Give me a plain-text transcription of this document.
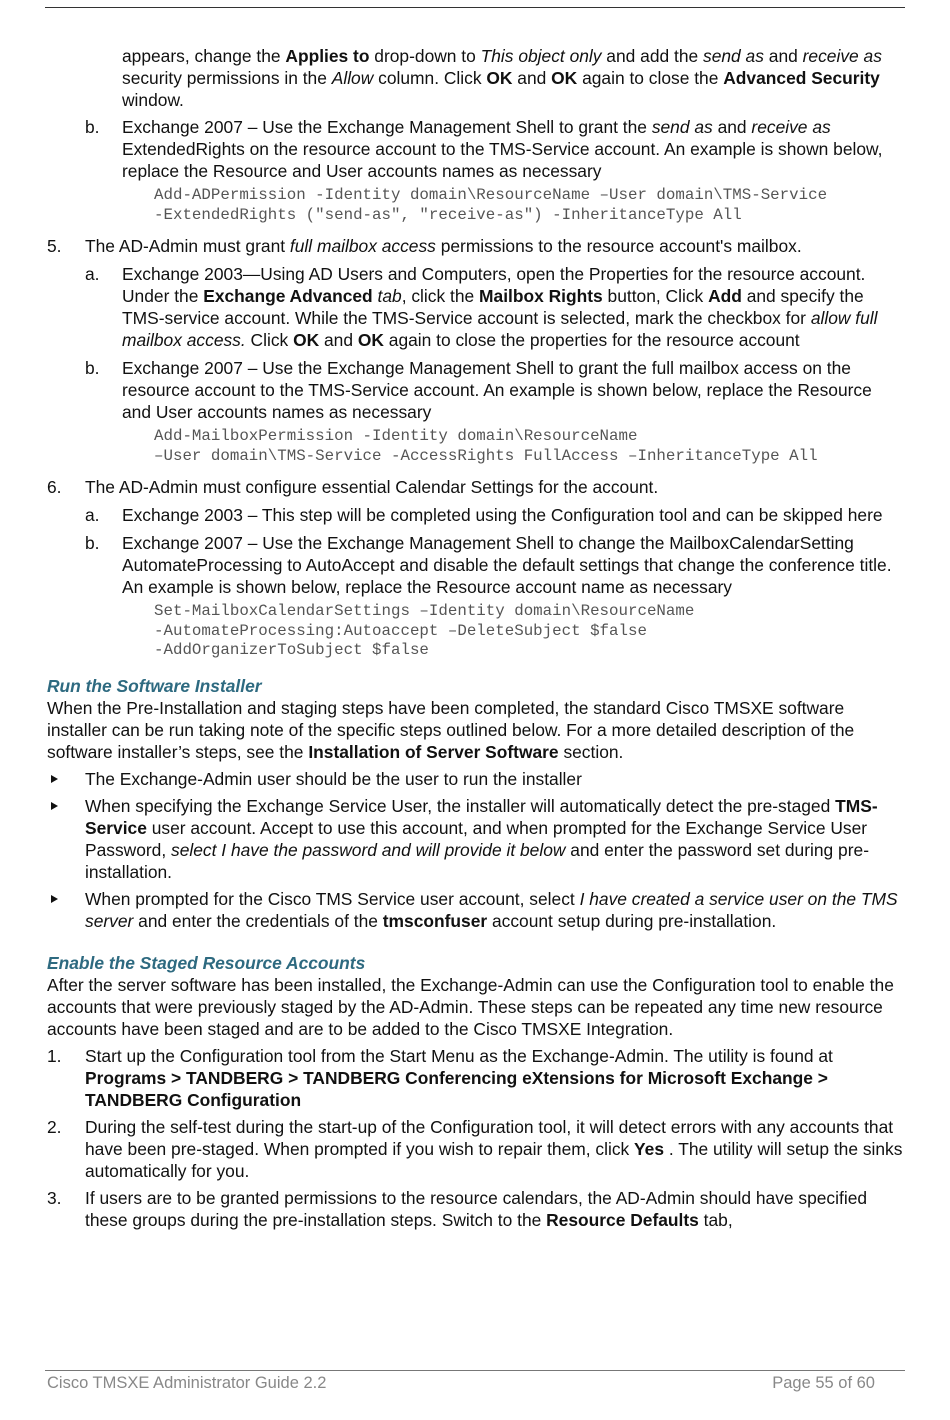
appears, change the Applies to drop-down to This object only and add the send as and receive as security permissions in the Allow column. Click OK and OK again to close the Advanced Security window.

b. Exchange 2007 – Use the Exchange Management Shell to grant the send as and receive as ExtendedRights on the resource account to the TMS-Service account. An example is shown below, replace the Resource and User accounts names as necessary

Add-ADPermission -Identity domain\ResourceName –User domain\TMS-Service
-ExtendedRights ("send-as", "receive-as") -InheritanceType All
5. The AD-Admin must grant full mailbox access permissions to the resource account's mailbox.

a. Exchange 2003—Using AD Users and Computers, open the Properties for the resource account. Under the Exchange Advanced tab, click the Mailbox Rights button, Click Add and specify the TMS-service account. While the TMS-Service account is selected, mark the checkbox for allow full mailbox access. Click OK and OK again to close the properties for the resource account

b. Exchange 2007 – Use the Exchange Management Shell to grant the full mailbox access on the resource account to the TMS-Service account. An example is shown below, replace the Resource and User accounts names as necessary

Add-MailboxPermission -Identity domain\ResourceName
–User domain\TMS-Service -AccessRights FullAccess –InheritanceType All
6. The AD-Admin must configure essential Calendar Settings for the account.

a. Exchange 2003 – This step will be completed using the Configuration tool and can be skipped here

b. Exchange 2007 – Use the Exchange Management Shell to change the MailboxCalendarSetting AutomateProcessing to AutoAccept and disable the default settings that change the conference title. An example is shown below, replace the Resource account name as necessary

Set-MailboxCalendarSettings –Identity domain\ResourceName
-AutomateProcessing:Autoaccept –DeleteSubject $false
-AddOrganizerToSubject $false

Run the Software Installer

When the Pre-Installation and staging steps have been completed, the standard Cisco TMSXE software installer can be run taking note of the specific steps outlined below. For a more detailed description of the software installer’s steps, see the Installation of Server Software section.

The Exchange-Admin user should be the user to run the installer

When specifying the Exchange Service User, the installer will automatically detect the pre-staged TMS-Service user account. Accept to use this account, and when prompted for the Exchange Service User Password, select I have the password and will provide it below and enter the password set during pre-installation.

When prompted for the Cisco TMS Service user account, select I have created a service user on the TMS server and enter the credentials of the tmsconfuser account setup during pre-installation.

Enable the Staged Resource Accounts

After the server software has been installed, the Exchange-Admin can use the Configuration tool to enable the accounts that were previously staged by the AD-Admin. These steps can be repeated any time new resource accounts have been staged and are to be added to the Cisco TMSXE Integration.

1. Start up the Configuration tool from the Start Menu as the Exchange-Admin. The utility is found at Programs > TANDBERG > TANDBERG Conferencing eXtensions for Microsoft Exchange > TANDBERG Configuration

2. During the self-test during the start-up of the Configuration tool, it will detect errors with any accounts that have been pre-staged. When prompted if you wish to repair them, click Yes . The utility will setup the sinks automatically for you.

3. If users are to be granted permissions to the resource calendars, the AD-Admin should have specified these groups during the pre-installation steps. Switch to the Resource Defaults tab,

Cisco TMSXE Administrator Guide 2.2	Page 55 of 60
